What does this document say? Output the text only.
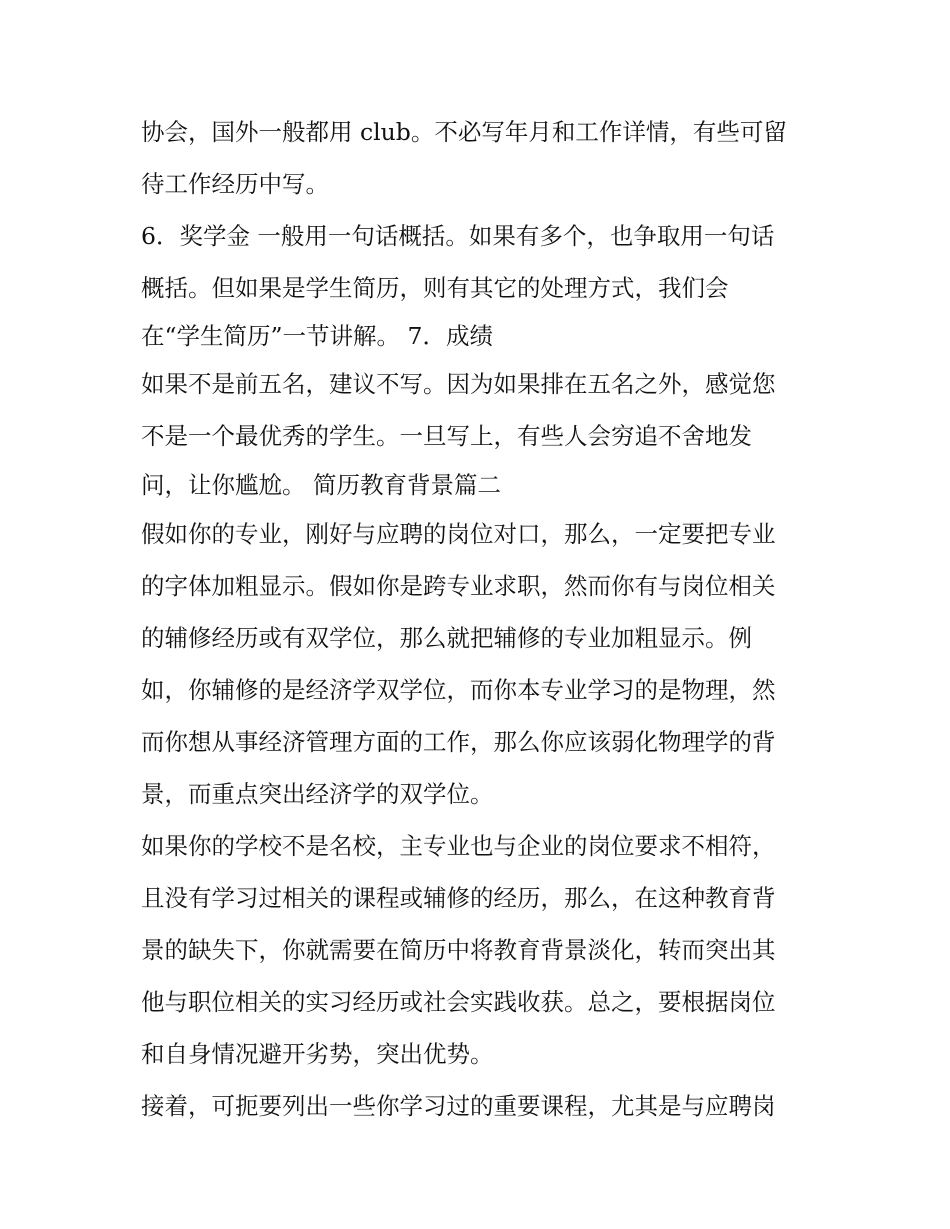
协会，国外一般都用 club。不必写年月和工作详情，有些可留
待工作经历中写。
6．奖学金 一般用一句话概括。如果有多个，也争取用一句话
概括。但如果是学生简历，则有其它的处理方式，我们会
在“学生简历”一节讲解。 7．成绩
如果不是前五名，建议不写。因为如果排在五名之外，感觉您
不是一个最优秀的学生。一旦写上，有些人会穷追不舍地发
问，让你尴尬。 简历教育背景篇二
假如你的专业，刚好与应聘的岗位对口，那么，一定要把专业
的字体加粗显示。假如你是跨专业求职，然而你有与岗位相关
的辅修经历或有双学位，那么就把辅修的专业加粗显示。例
如，你辅修的是经济学双学位，而你本专业学习的是物理，然
而你想从事经济管理方面的工作，那么你应该弱化物理学的背
景，而重点突出经济学的双学位。
如果你的学校不是名校，主专业也与企业的岗位要求不相符，
且没有学习过相关的课程或辅修的经历，那么，在这种教育背
景的缺失下，你就需要在简历中将教育背景淡化，转而突出其
他与职位相关的实习经历或社会实践收获。总之，要根据岗位
和自身情况避开劣势，突出优势。
接着，可扼要列出一些你学习过的重要课程，尤其是与应聘岗
